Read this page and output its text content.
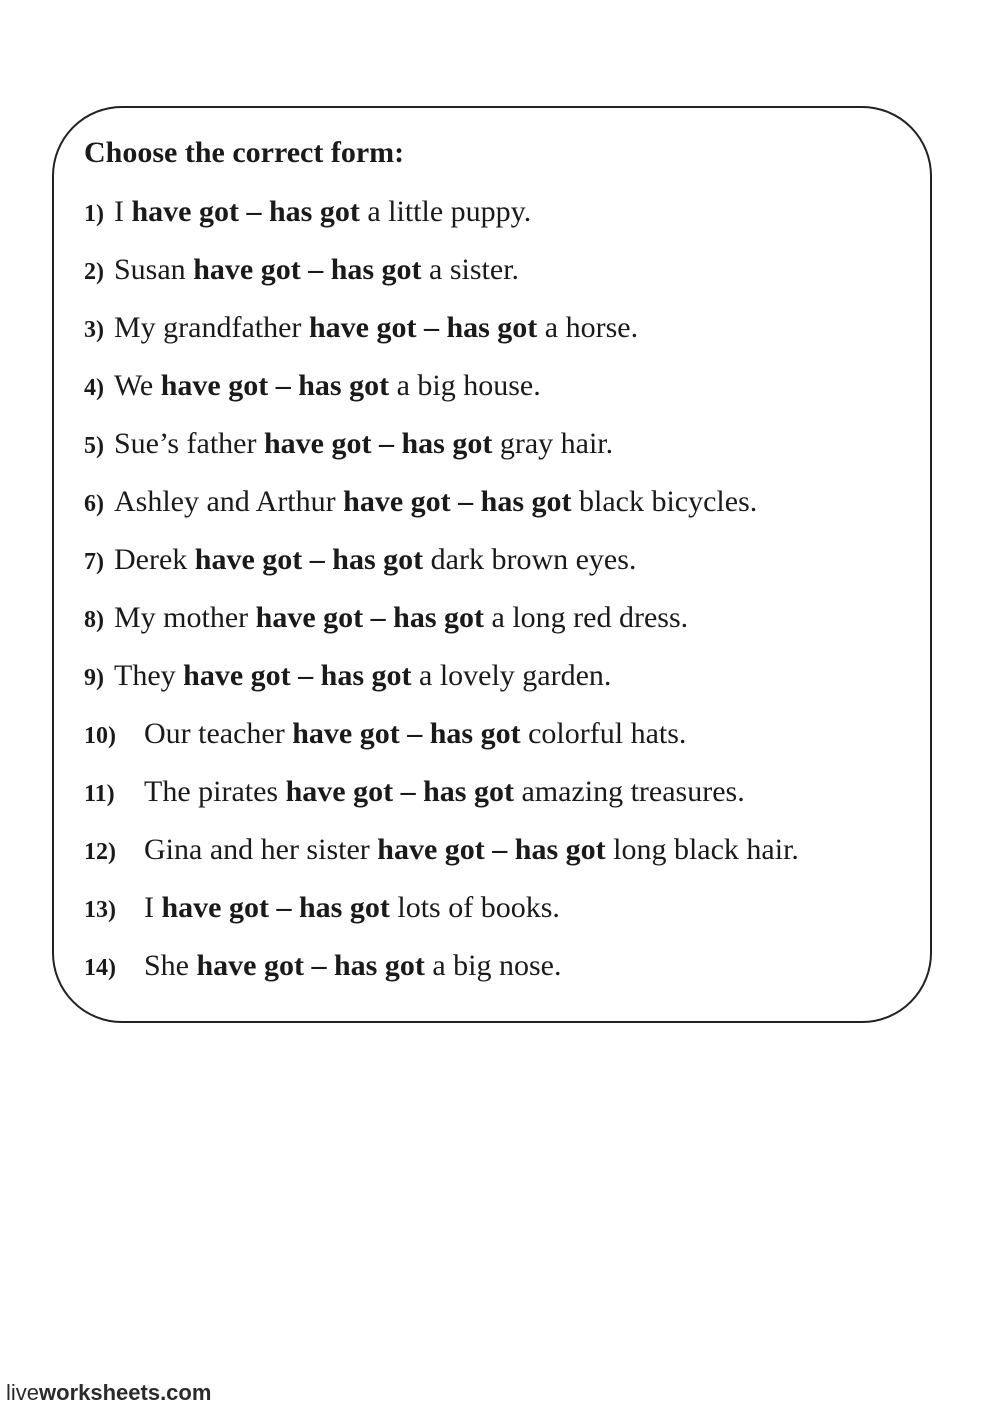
Choose the correct form:
1) I have got – has got a little puppy.
2) Susan have got – has got a sister.
3) My grandfather have got – has got a horse.
4) We have got – has got a big house.
5) Sue’s father have got – has got gray hair.
6) Ashley and Arthur have got – has got black bicycles.
7) Derek have got – has got dark brown eyes.
8) My mother have got – has got a long red dress.
9) They have got – has got a lovely garden.
10) Our teacher have got – has got colorful hats.
11) The pirates have got – has got amazing treasures.
12) Gina and her sister have got – has got long black hair.
13) I have got – has got lots of books.
14) She have got – has got a big nose.
liveworksheets.com
